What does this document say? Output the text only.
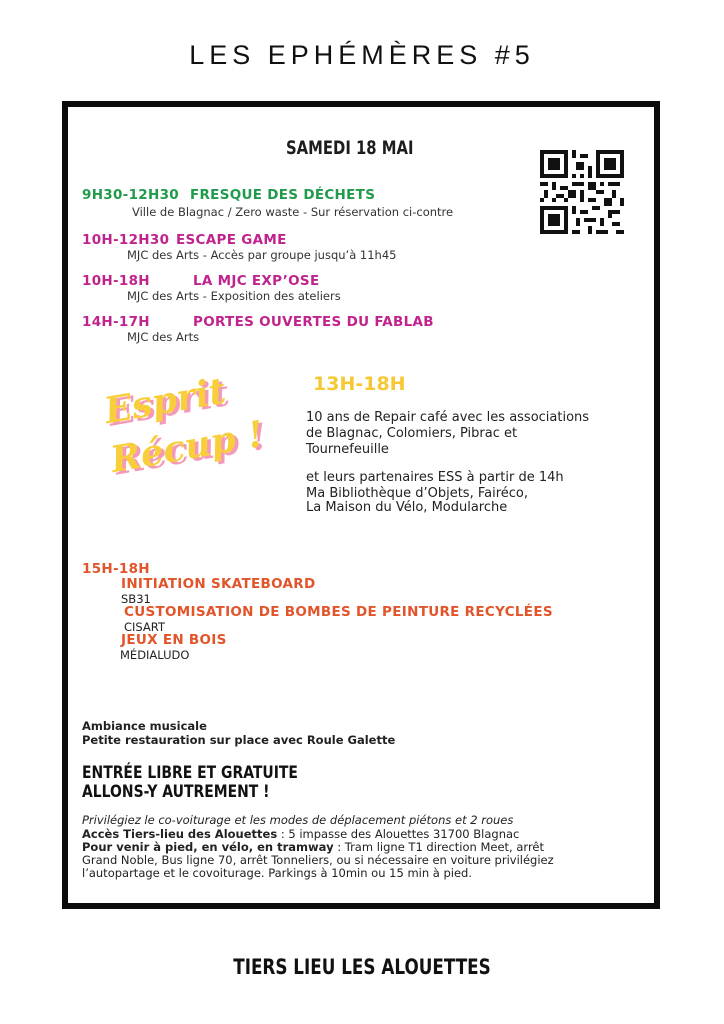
LES EPHÉMÈRES #5
SAMEDI 18 MAI
9H30-12H30 FRESQUE DES DÉCHETS
Ville de Blagnac / Zero waste - Sur réservation ci-contre
10H-12H30 ESCAPE GAME
MJC des Arts - Accès par groupe jusqu’à 11h45
10H-18H	LA MJC EXP’OSE
MJC des Arts - Exposition des ateliers
14H-17H	PORTES OUVERTES DU FABLAB
MJC des Arts
Esprit
Récup !
13H-18H
10 ans de Repair café avec les associations
de Blagnac, Colomiers, Pibrac et
Tournefeuille
et leurs partenaires ESS à partir de 14h
Ma Bibliothèque d’Objets, Fairéco,
La Maison du Vélo, Modularche
15H-18H
INITIATION SKATEBOARD
SB31
CUSTOMISATION DE BOMBES DE PEINTURE RECYCLÉES
CISART
JEUX EN BOIS
MÉDIALUDO
Ambiance musicale
Petite restauration sur place avec Roule Galette
ENTRÉE LIBRE ET GRATUITE
ALLONS-Y AUTREMENT !
Privilégiez le co-voiturage et les modes de déplacement piétons et 2 roues
Accès Tiers-lieu des Alouettes : 5 impasse des Alouettes 31700 Blagnac
Pour venir à pied, en vélo, en tramway : Tram ligne T1 direction Meet, arrêt
Grand Noble, Bus ligne 70, arrêt Tonneliers, ou si nécessaire en voiture privilégiez
l’autopartage et le covoiturage. Parkings à 10min ou 15 min à pied.
TIERS LIEU LES ALOUETTES
